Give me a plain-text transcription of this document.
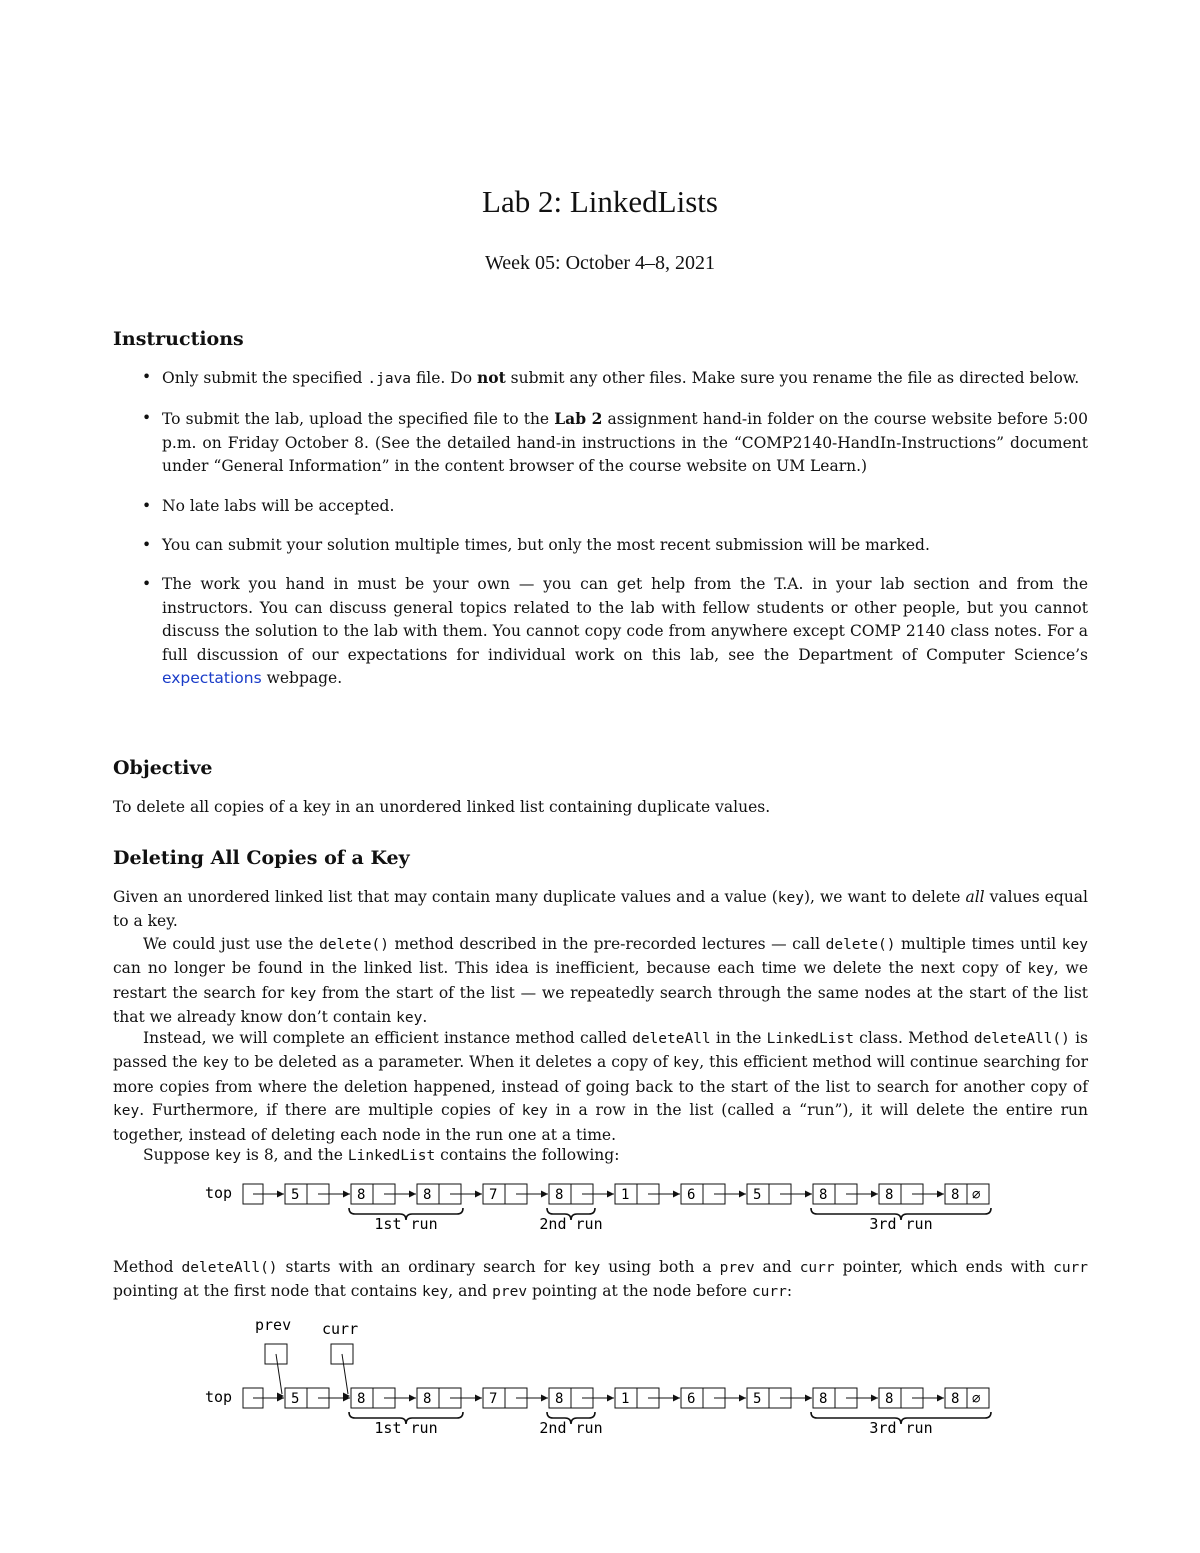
Lab 2: LinkedLists
Week 05: October 4–8, 2021
Instructions
• Only submit the specified .java file. Do not submit any other files. Make sure you rename the file as directed below.
• To submit the lab, upload the specified file to the Lab 2 assignment hand-in folder on the course website before 5:00 p.m. on Friday October 8. (See the detailed hand-in instructions in the “COMP2140-HandIn-Instructions” document under “General Information” in the content browser of the course website on UM Learn.)
• No late labs will be accepted.
• You can submit your solution multiple times, but only the most recent submission will be marked.
• The work you hand in must be your own — you can get help from the T.A. in your lab section and from the instructors. You can discuss general topics related to the lab with fellow students or other people, but you cannot discuss the solution to the lab with them. You cannot copy code from anywhere except COMP 2140 class notes. For a full discussion of our expectations for individual work on this lab, see the Department of Computer Science’s expectations webpage.
Objective

To delete all copies of a key in an unordered linked list containing duplicate values.

Deleting All Copies of a Key

Given an unordered linked list that may contain many duplicate values and a value (key), we want to delete all values equal to a key.

We could just use the delete() method described in the pre-recorded lectures — call delete() multiple times until key can no longer be found in the linked list. This idea is inefficient, because each time we delete the next copy of key, we restart the search for key from the start of the list — we repeatedly search through the same nodes at the start of the list that we already know don’t contain key.

Instead, we will complete an efficient instance method called deleteAll in the LinkedList class. Method deleteAll() is passed the key to be deleted as a parameter. When it deletes a copy of key, this efficient method will continue searching for more copies from where the deletion happened, instead of going back to the start of the list to search for another copy of key. Furthermore, if there are multiple copies of key in a row in the list (called a “run”), it will delete the entire run together, instead of deleting each node in the run one at a time.

Suppose key is 8, and the LinkedList contains the following:

top	5	8	8	7	8	1	6	5	8	8	8 ∅
1st run	2nd run	3rd run

Method deleteAll() starts with an ordinary search for key using both a prev and curr pointer, which ends with curr pointing at the first node that contains key, and prev pointing at the node before curr:

top	5	8	8	7	8	1	6	5	8	8	8 ∅
1st run	2nd run	3rd run
prev curr
